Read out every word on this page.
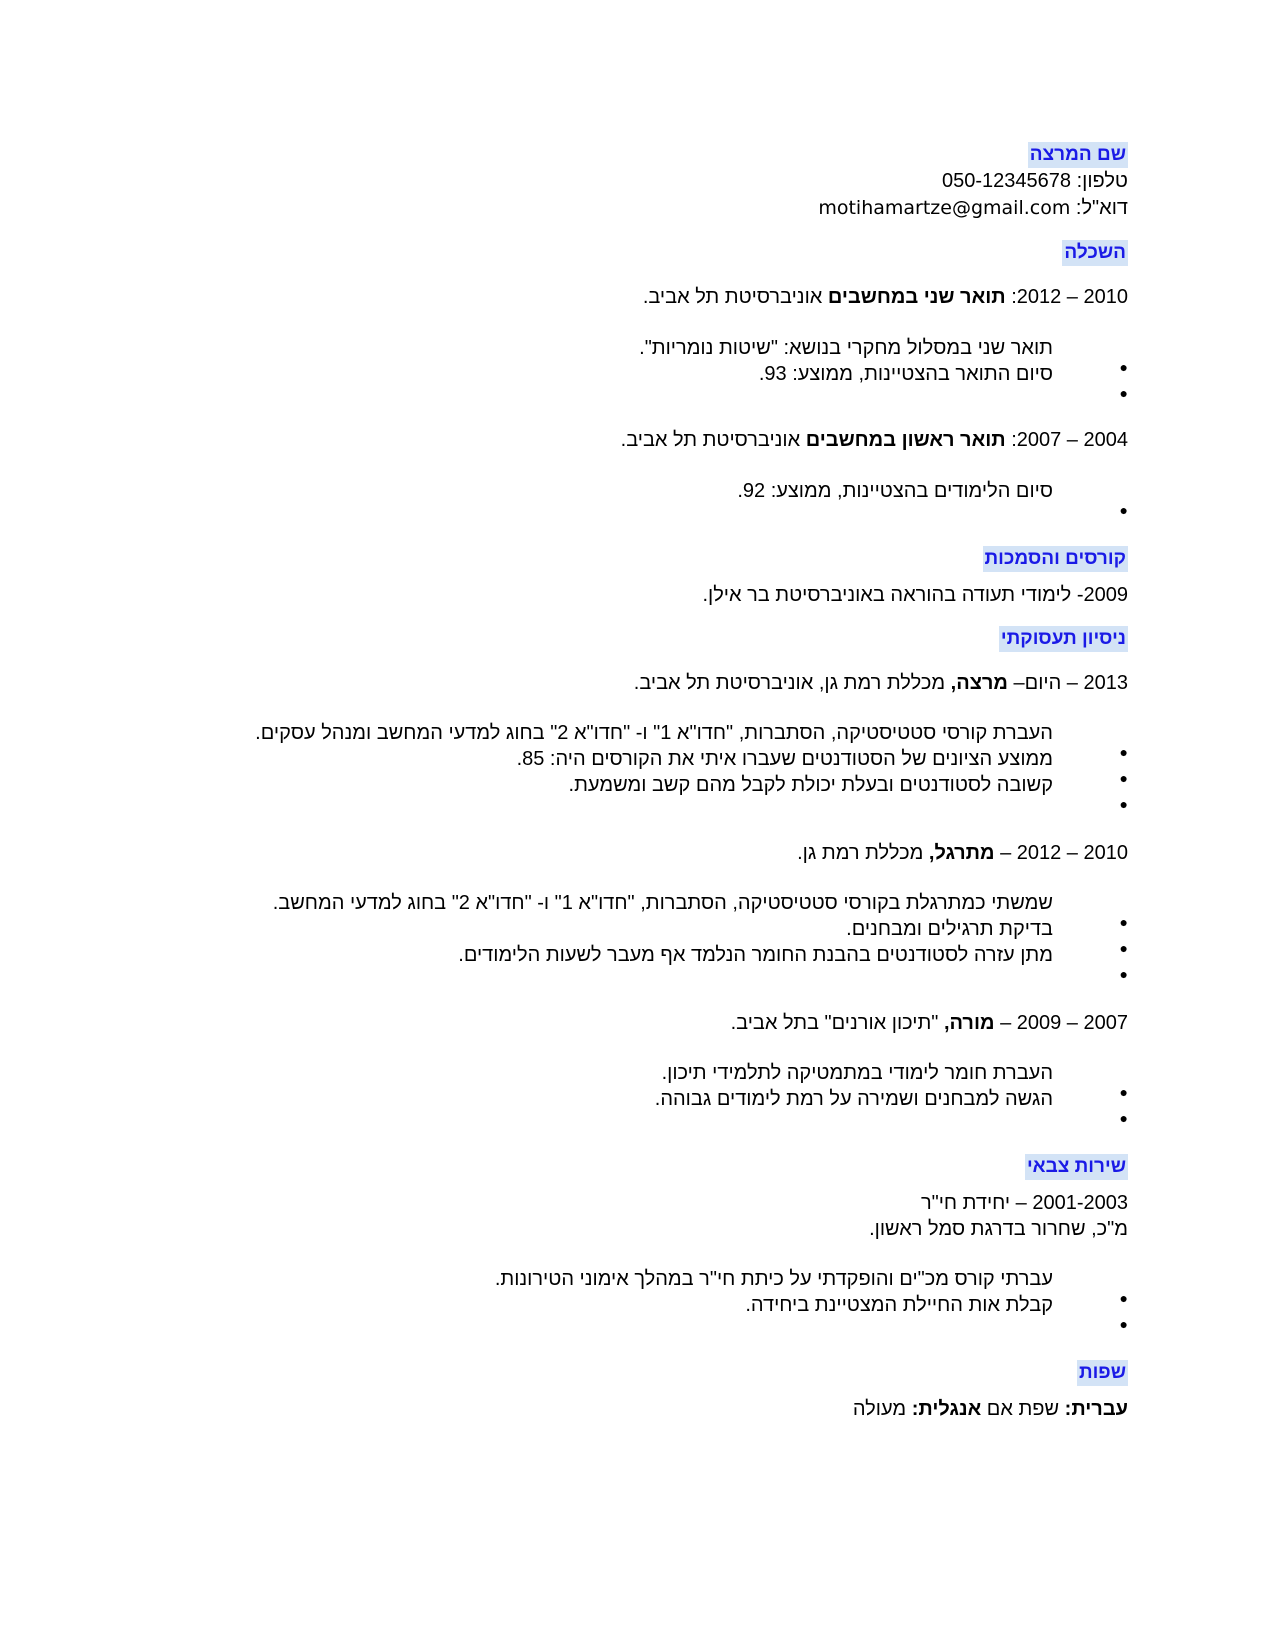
שם המרצה
טלפון: 050-12345678
דוא"ל: motihamartze@gmail.com
השכלה
2010 – 2012: תואר שני במחשבים אוניברסיטת תל אביב.
תואר שני במסלול מחקרי בנושא: "שיטות נומריות".
סיום התואר בהצטיינות, ממוצע: 93.
2004 – 2007: תואר ראשון במחשבים אוניברסיטת תל אביב.
סיום הלימודים בהצטיינות, ממוצע: 92.
קורסים והסמכות
2009- לימודי תעודה בהוראה באוניברסיטת בר אילן.
ניסיון תעסוקתי
2013 – היום– מרצה, מכללת רמת גן, אוניברסיטת תל אביב.
העברת קורסי סטטיסטיקה, הסתברות, "חדו"א 1" ו- "חדו"א 2" בחוג למדעי המחשב ומנהל עסקים.
ממוצע הציונים של הסטודנטים שעברו איתי את הקורסים היה: 85.
קשובה לסטודנטים ובעלת יכולת לקבל מהם קשב ומשמעת.
2010 – 2012 – מתרגל, מכללת רמת גן.
שמשתי כמתרגלת בקורסי סטטיסטיקה, הסתברות, "חדו"א 1" ו- "חדו"א 2" בחוג למדעי המחשב.
בדיקת תרגילים ומבחנים.
מתן עזרה לסטודנטים בהבנת החומר הנלמד אף מעבר לשעות הלימודים.
2007 – 2009 – מורה, "תיכון אורנים" בתל אביב.
העברת חומר לימודי במתמטיקה לתלמידי תיכון.
הגשה למבחנים ושמירה על רמת לימודים גבוהה.
שירות צבאי
2001-2003 – יחידת חי"ר
מ"כ, שחרור בדרגת סמל ראשון.
עברתי קורס מכ"ים והופקדתי על כיתת חי"ר במהלך אימוני הטירונות.
קבלת אות החיילת המצטיינת ביחידה.
שפות
עברית: שפת אם אנגלית: מעולה
